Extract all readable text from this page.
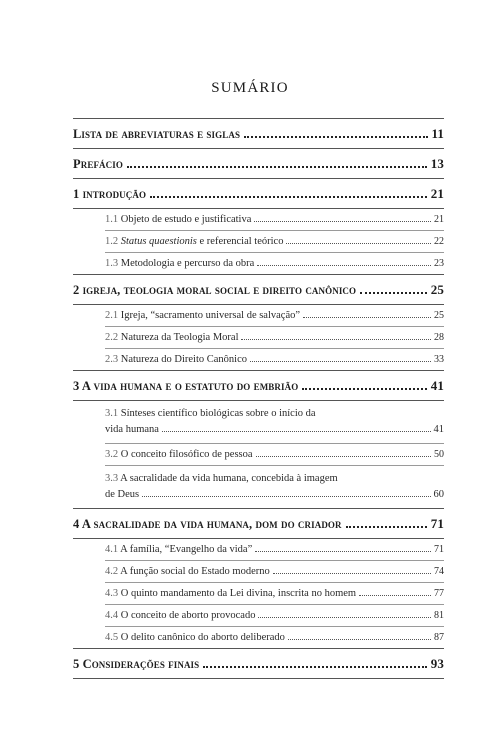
SUMÁRIO
Lista de abreviaturas e siglas	11
Prefácio	13
1 introdução	21
1.1 Objeto de estudo e justificativa	21
1.2 Status quaestionis e referencial teórico	22
1.3 Metodologia e percurso da obra	23
2 igreja, teologia moral social e direito canônico	25
2.1 Igreja, “sacramento universal de salvação”	25
2.2 Natureza da Teologia Moral	28
2.3 Natureza do Direito Canônico	33
3 A vida humana e o estatuto do embrião	41
3.1 Sínteses científico biológicas sobre o início da
vida humana	41
3.2 O conceito filosófico de pessoa	50
3.3 A sacralidade da vida humana, concebida à imagem
de Deus	60
4 A sacralidade da vida humana, dom do criador	71
4.1 A família, “Evangelho da vida”	71
4.2 A função social do Estado moderno	74
4.3 O quinto mandamento da Lei divina, inscrita no homem	77
4.4 O conceito de aborto provocado	81
4.5 O delito canônico do aborto deliberado	87
5 Considerações finais	93
